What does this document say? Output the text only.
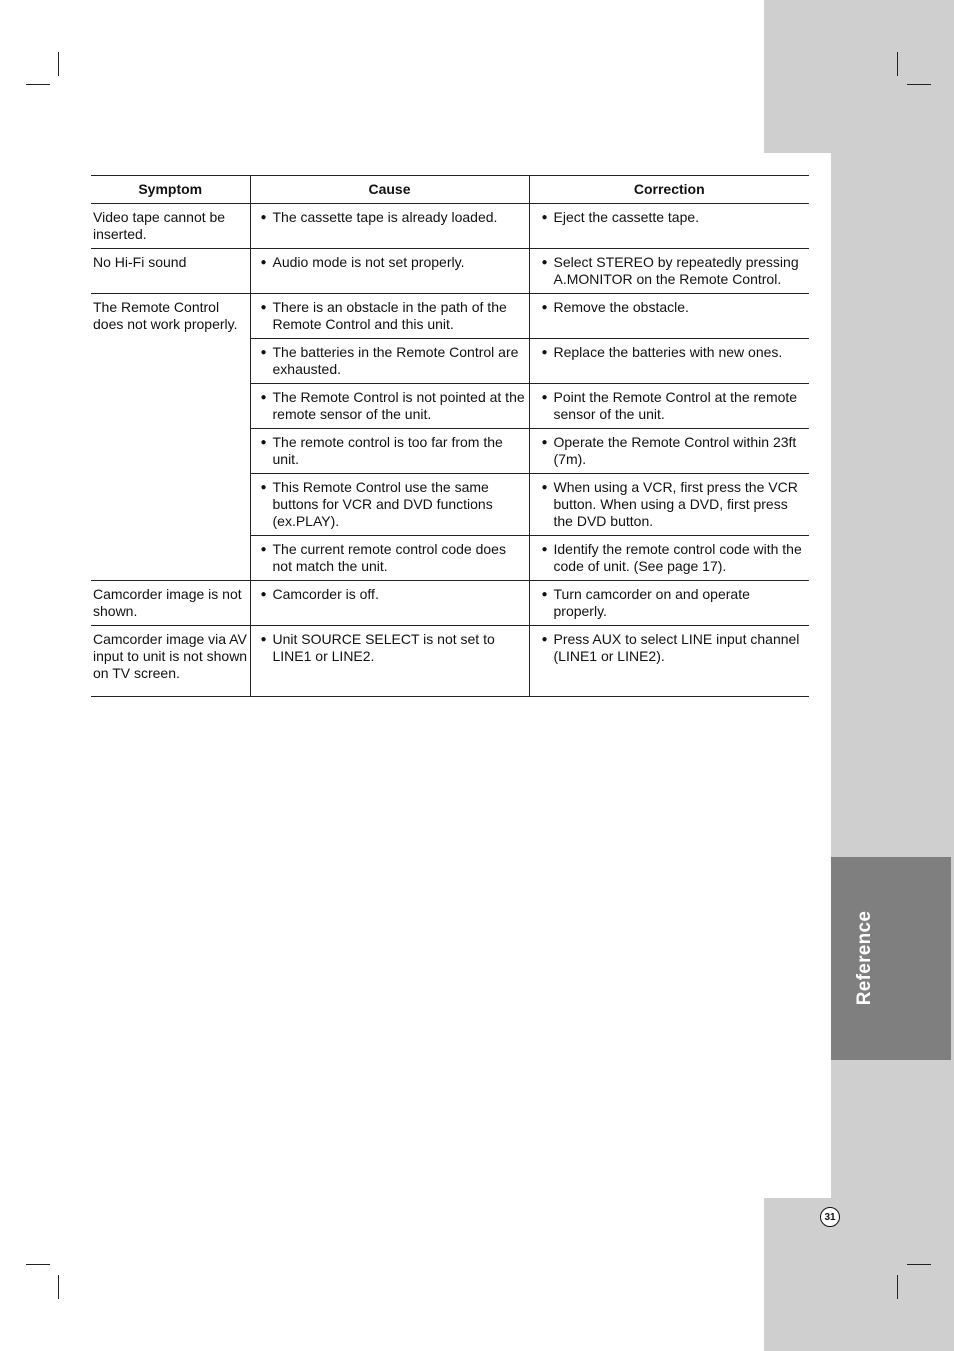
Reference
31
Symptom	Cause	Correction
Video tape cannot be inserted.	● The cassette tape is already loaded.	● Eject the cassette tape.

No Hi-Fi sound	● Audio mode is not set properly.	● Select STEREO by repeatedly pressing A.MONITOR on the Remote Control.

The Remote Control does not work properly.	● There is an obstacle in the path of the Remote Control and this unit.	● Remove the obstacle.

	● The batteries in the Remote Control are exhausted.	● Replace the batteries with new ones.

	● The Remote Control is not pointed at the remote sensor of the unit.	● Point the Remote Control at the remote sensor of the unit.

	● The remote control is too far from the unit.	● Operate the Remote Control within 23ft (7m).

	● This Remote Control use the same buttons for VCR and DVD functions (ex.PLAY).	● When using a VCR, first press the VCR button. When using a DVD, first press the DVD button.

	● The current remote control code does not match the unit.	● Identify the remote control code with the code of unit. (See page 17).

Camcorder image is not shown.	● Camcorder is off.	● Turn camcorder on and operate properly.

Camcorder image via AV input to unit is not shown on TV screen.	● Unit SOURCE SELECT is not set to LINE1 or LINE2.	● Press AUX to select LINE input channel (LINE1 or LINE2).
